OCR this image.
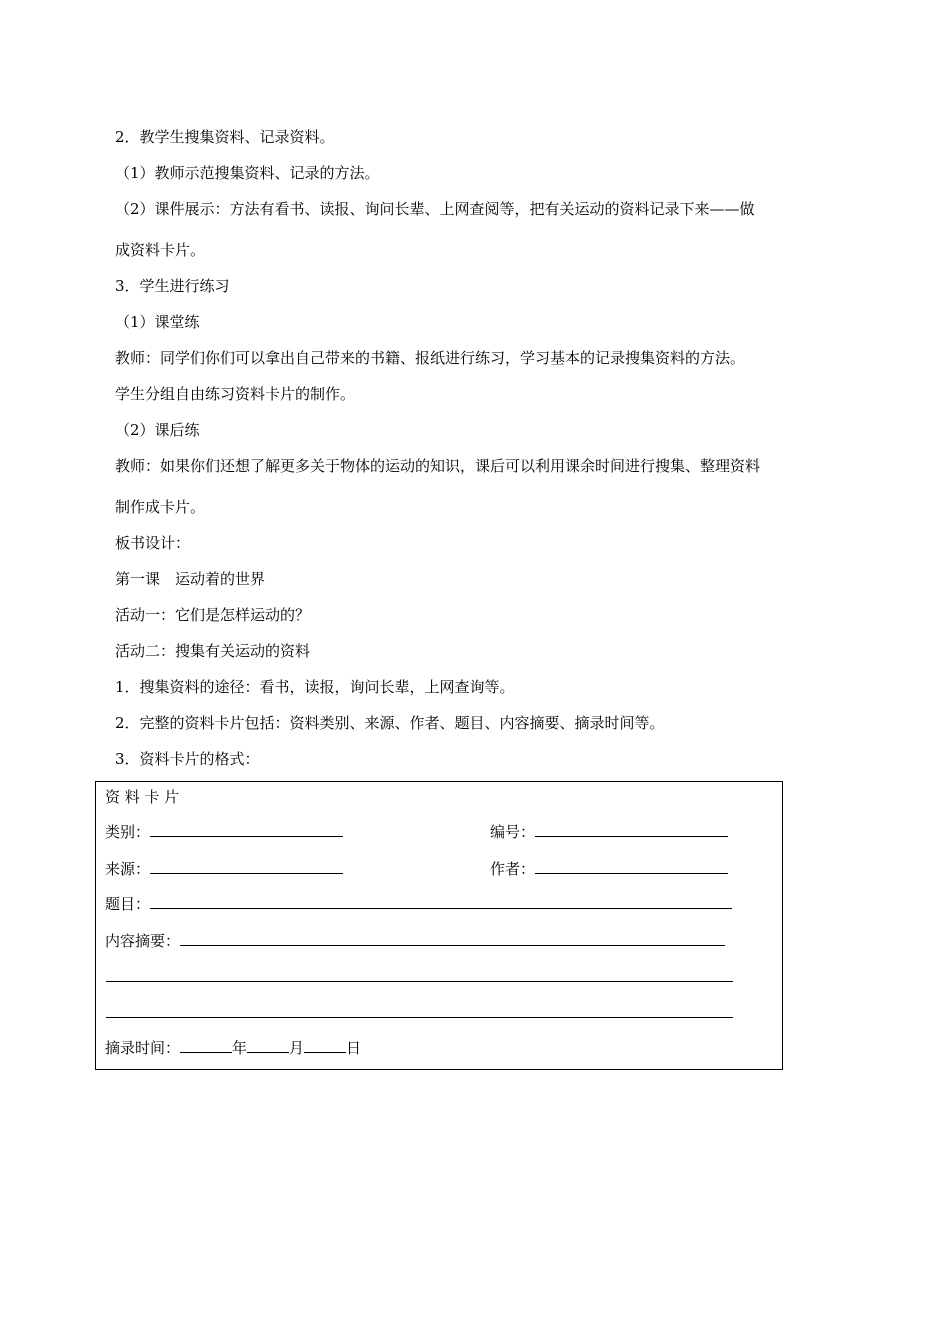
2．教学生搜集资料、记录资料。
（1）教师示范搜集资料、记录的方法。
（2）课件展示：方法有看书、读报、询问长辈、上网查阅等，把有关运动的资料记录下来——做
成资料卡片。
3．学生进行练习
（1）课堂练
教师：同学们你们可以拿出自己带来的书籍、报纸进行练习，学习基本的记录搜集资料的方法。
学生分组自由练习资料卡片的制作。
（2）课后练
教师：如果你们还想了解更多关于物体的运动的知识，课后可以利用课余时间进行搜集、整理资料
制作成卡片。
板书设计：
第一课　运动着的世界
活动一：它们是怎样运动的？
活动二：搜集有关运动的资料
1．搜集资料的途径：看书，读报，询问长辈，上网查询等。
2．完整的资料卡片包括：资料类别、来源、作者、题目、内容摘要、摘录时间等。
3．资料卡片的格式：
资 料 卡 片
类别：	编号：
来源：	作者：
题目：
内容摘要：
摘录时间：	年	月	日
